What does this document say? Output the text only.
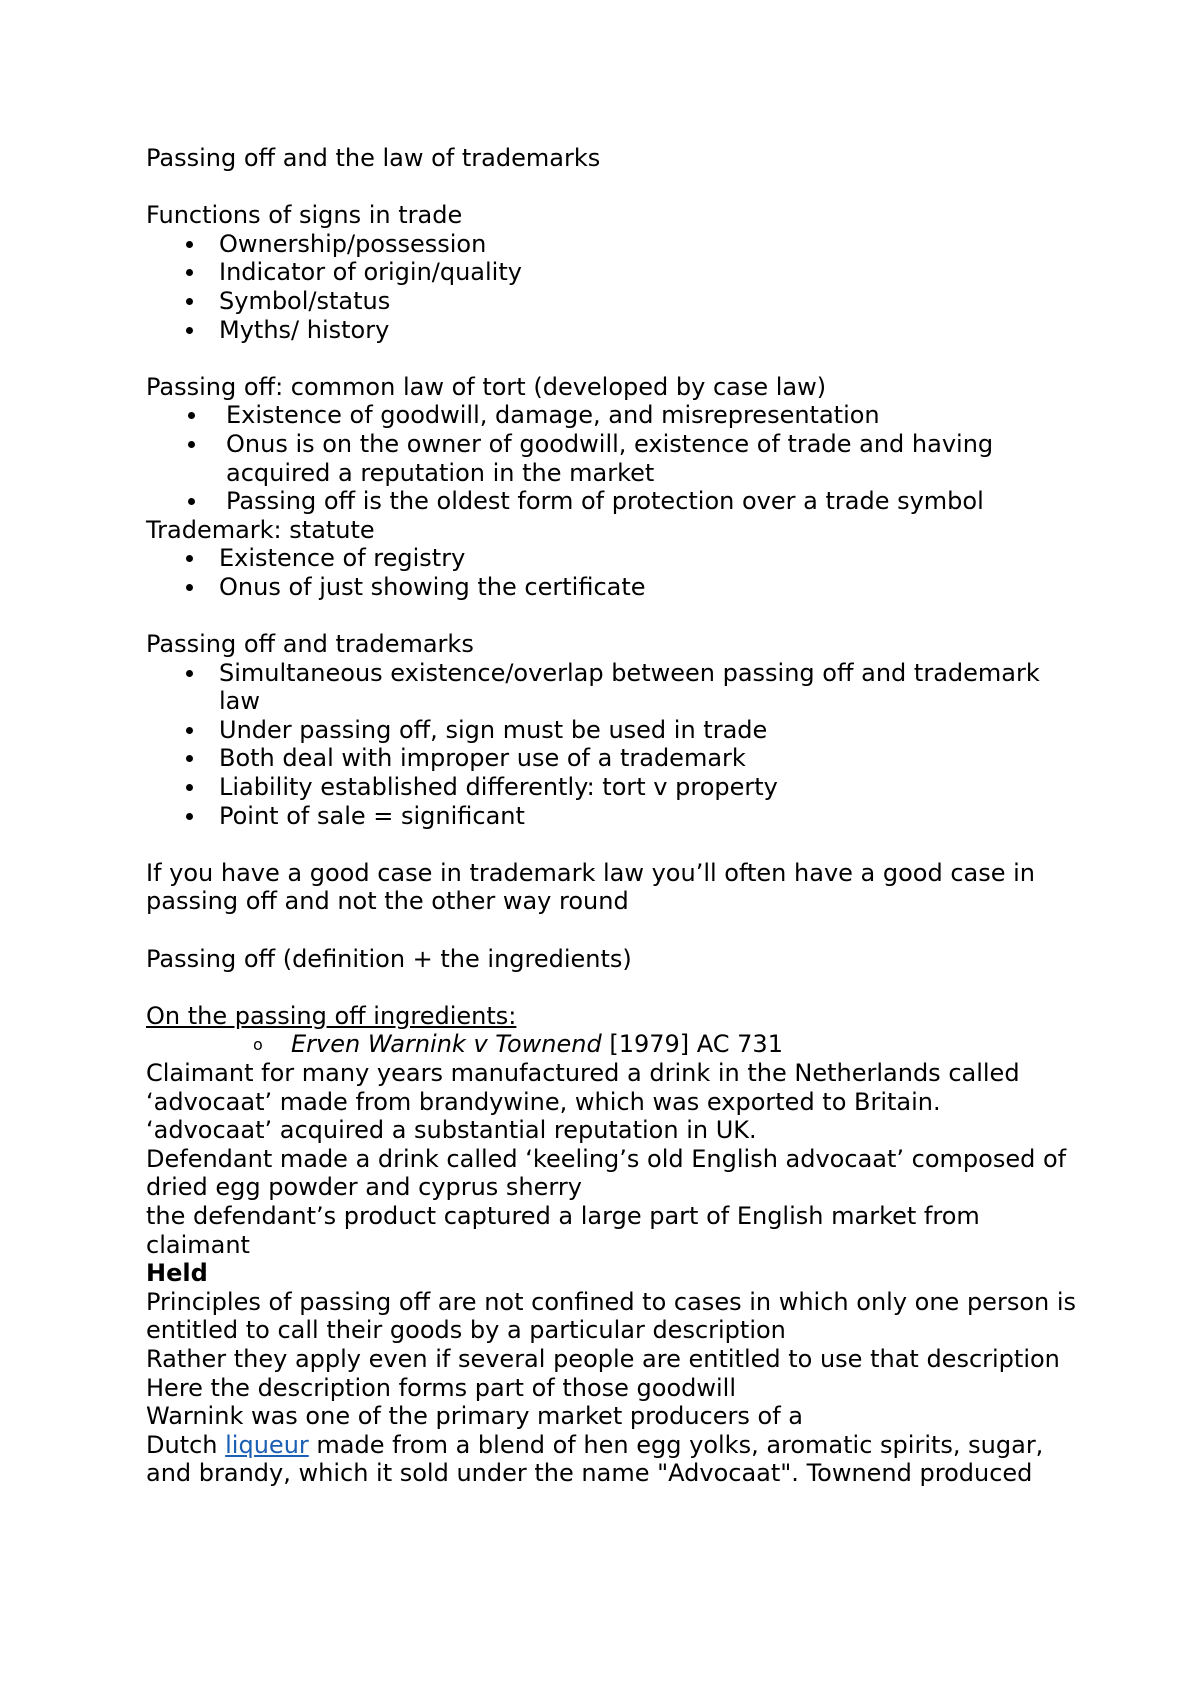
Passing off and the law of trademarks

Functions of signs in trade

Ownership/possession
Indicator of origin/quality
Symbol/status
Myths/ history

Passing off: common law of tort (developed by case law)

Existence of goodwill, damage, and misrepresentation
Onus is on the owner of goodwill, existence of trade and having acquired a reputation in the market
Passing off is the oldest form of protection over a trade symbol

Trademark: statute

Existence of registry
Onus of just showing the certificate

Passing off and trademarks

Simultaneous existence/overlap between passing off and trademark law
Under passing off, sign must be used in trade
Both deal with improper use of a trademark
Liability established differently: tort v property
Point of sale = significant

If you have a good case in trademark law you’ll often have a good case in passing off and not the other way round

Passing off (definition + the ingredients)

On the passing off ingredients:

o Erven Warnink v Townend [1979] AC 731

Claimant for many years manufactured a drink in the Netherlands called ‘advocaat’ made from brandywine, which was exported to Britain.

‘advocaat’ acquired a substantial reputation in UK.

Defendant made a drink called ‘keeling’s old English advocaat’ composed of dried egg powder and cyprus sherry

the defendant’s product captured a large part of English market from claimant

Held

Principles of passing off are not confined to cases in which only one person is entitled to call their goods by a particular description

Rather they apply even if several people are entitled to use that description

Here the description forms part of those goodwill

Warnink was one of the primary market producers of a

Dutch liqueur made from a blend of hen egg yolks, aromatic spirits, sugar, and brandy, which it sold under the name "Advocaat". Townend produced
